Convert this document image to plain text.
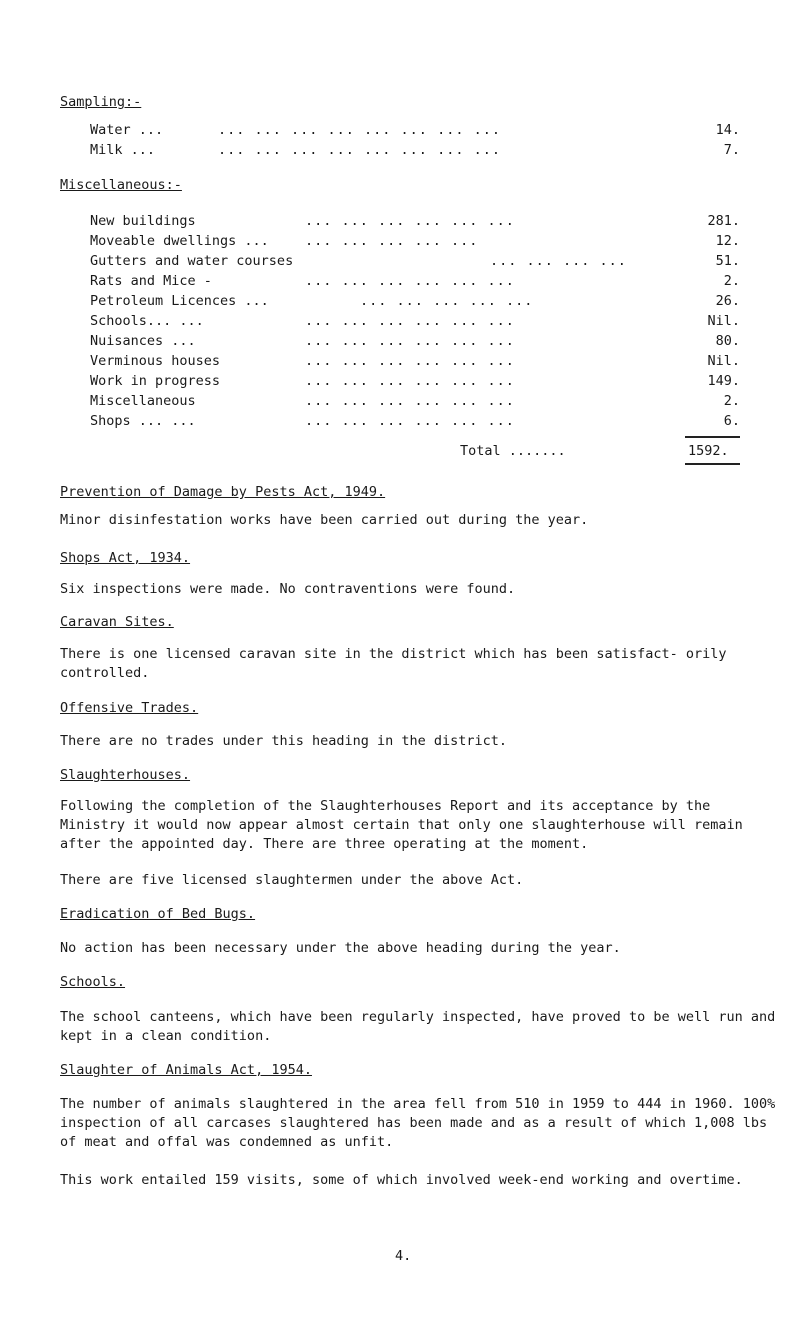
Sampling:-
Water ...	... ... ... ... ... ... ... ...	14.
Milk ...	... ... ... ... ... ... ... ...	7.
Miscellaneous:-
New buildings	... ... ... ... ... ...	281.
Moveable dwellings ...	... ... ... ... ...	12.
Gutters and water courses	... ... ... ...	51.
Rats and Mice -	... ... ... ... ... ...	2.
Petroleum Licences ...	... ... ... ... ...	26.
Schools... ...	... ... ... ... ... ...	Nil.
Nuisances ...	... ... ... ... ... ...	80.
Verminous houses	... ... ... ... ... ...	Nil.
Work in progress	... ... ... ... ... ...	149.
Miscellaneous	... ... ... ... ... ...	2.
Shops ... ...	... ... ... ... ... ...	6.
Total .......	1592.
Prevention of Damage by Pests Act, 1949.
Minor disinfestation works have been carried out during the year.
Shops Act, 1934.
Six inspections were made. No contraventions were found.
Caravan Sites.
There is one licensed caravan site in the district which has been satisfact- orily controlled.
Offensive Trades.
There are no trades under this heading in the district.
Slaughterhouses.
Following the completion of the Slaughterhouses Report and its acceptance by the Ministry it would now appear almost certain that only one slaughterhouse will remain after the appointed day. There are three operating at the moment.
There are five licensed slaughtermen under the above Act.
Eradication of Bed Bugs.
No action has been necessary under the above heading during the year.
Schools.
The school canteens, which have been regularly inspected, have proved to be well run and kept in a clean condition.
Slaughter of Animals Act, 1954.
The number of animals slaughtered in the area fell from 510 in 1959 to 444 in 1960. 100% inspection of all carcases slaughtered has been made and as a result of which 1,008 lbs of meat and offal was condemned as unfit.
This work entailed 159 visits, some of which involved week-end working and overtime.
4.
